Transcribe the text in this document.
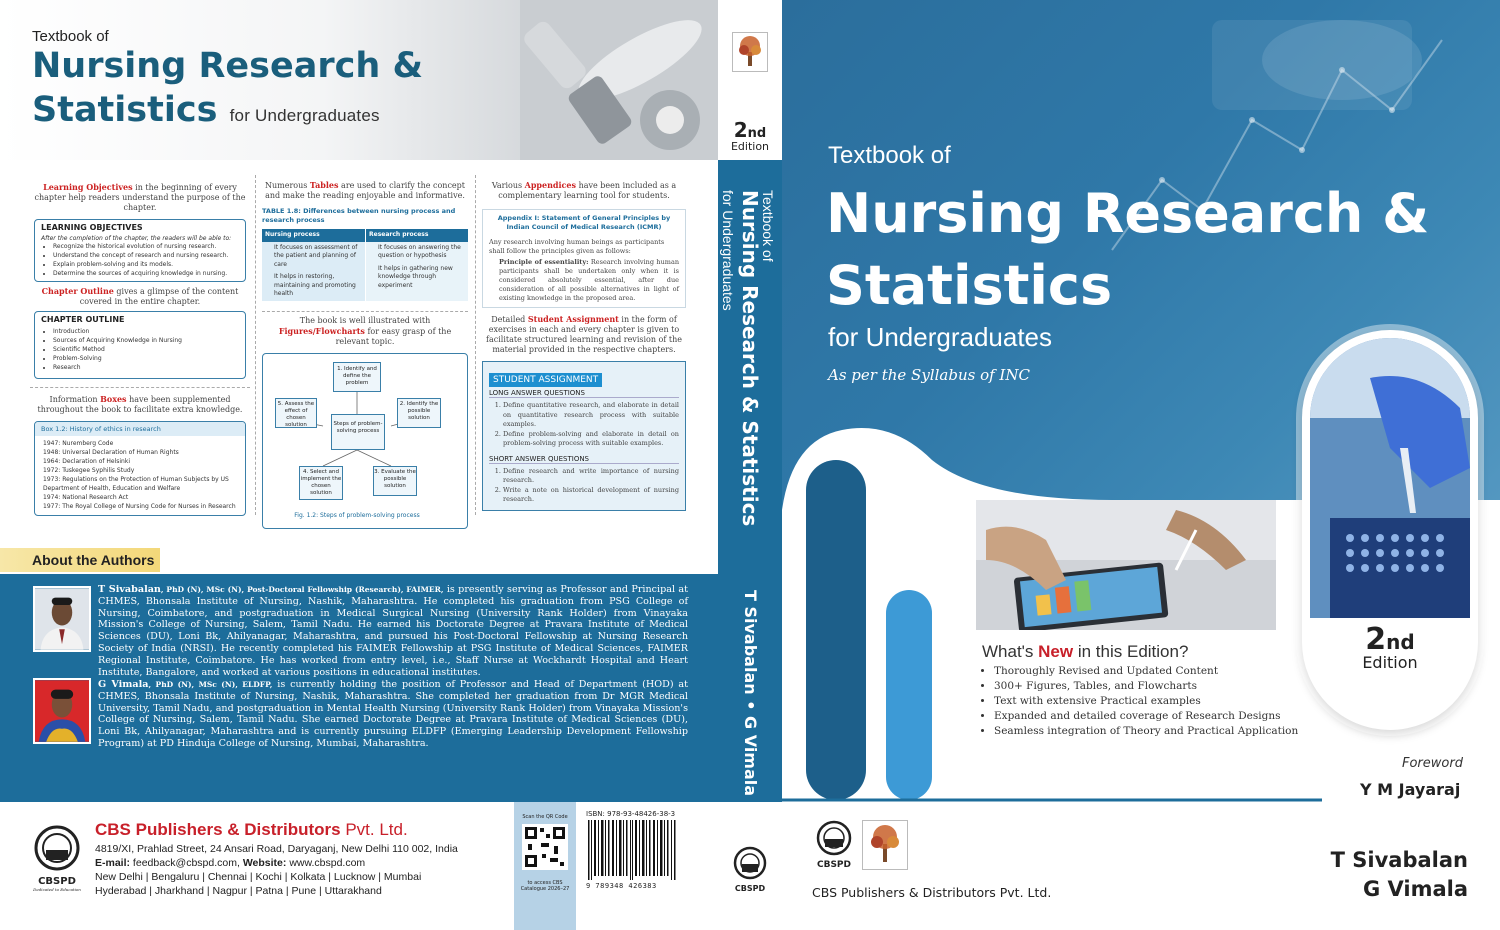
Textbook of
Nursing Research &
Statistics for Undergraduates
Learning Objectives in the beginning of every chapter help readers understand the purpose of the chapter.
LEARNING OBJECTIVES
After the completion of the chapter, the readers will be able to:
• Recognize the historical evolution of nursing research.
• Understand the concept of research and nursing research.
• Explain problem-solving and its models.
• Determine the sources of acquiring knowledge in nursing.
Chapter Outline gives a glimpse of the content covered in the entire chapter.
CHAPTER OUTLINE
• Introduction
• Sources of Acquiring Knowledge in Nursing
• Scientific Method
• Problem-Solving
• Research
Information Boxes have been supplemented throughout the book to facilitate extra knowledge.
Box 1.2: History of ethics in research
1947: Nuremberg Code
1948: Universal Declaration of Human Rights
1964: Declaration of Helsinki
1972: Tuskegee Syphilis Study
1973: Regulations on the Protection of Human Subjects by US Department of Health, Education and Welfare
1974: National Research Act
1977: The Royal College of Nursing Code for Nurses in Research
Numerous Tables are used to clarify the concept and make the reading enjoyable and informative.
TABLE 1.8: Differences between nursing process and research process
Nursing process
It focuses on assessment of the patient and planning of care
It helps in restoring, maintaining and promoting health
Research process
It focuses on answering the question or hypothesis
It helps in gathering new knowledge through experiment
The book is well illustrated with Figures/Flowcharts for easy grasp of the relevant topic.
1. Identify and define the problem
Steps of problem-solving process
5. Assess the effect of chosen solution
2. Identify the possible solution
4. Select and implement the chosen solution
3. Evaluate the possible solution
Fig. 1.2: Steps of problem-solving process
Various Appendices have been included as a complementary learning tool for students.
Appendix I: Statement of General Principles by Indian Council of Medical Research (ICMR)
Any research involving human beings as participants shall follow the principles given as follows:
Principle of essentiality: Research involving human participants shall be undertaken only when it is considered absolutely essential, after due consideration of all possible alternatives in light of existing knowledge in the proposed area.
Detailed Student Assignment in the form of exercises in each and every chapter is given to facilitate structured learning and revision of the material provided in the respective chapters.
STUDENT ASSIGNMENT
LONG ANSWER QUESTIONS
1. Define quantitative research, and elaborate in detail on quantitative research process with suitable examples.
2. Define problem-solving and elaborate in detail on problem-solving process with suitable examples.
SHORT ANSWER QUESTIONS
1. Define research and write importance of nursing research.
2. Write a note on historical development of nursing research.
About the Authors
T Sivabalan, PhD (N), MSc (N), Post-Doctoral Fellowship (Research), FAIMER, is presently serving as Professor and Principal at CHMES, Bhonsala Institute of Nursing, Nashik, Maharashtra. He completed his graduation from PSG College of Nursing, Coimbatore, and postgraduation in Medical Surgical Nursing (University Rank Holder) from Vinayaka Mission's College of Nursing, Salem, Tamil Nadu. He earned his Doctorate Degree at Pravara Institute of Medical Sciences (DU), Loni Bk, Ahilyanagar, Maharashtra, and pursued his Post-Doctoral Fellowship at Nursing Research Society of India (NRSI). He recently completed his FAIMER Fellowship at PSG Institute of Medical Sciences, FAIMER Regional Institute, Coimbatore. He has worked from entry level, i.e., Staff Nurse at Wockhardt Hospital and Heart Institute, Bangalore, and worked at various positions in educational institutes.
G Vimala, PhD (N), MSc (N), ELDFP, is currently holding the position of Professor and Head of Department (HOD) at CHMES, Bhonsala Institute of Nursing, Nashik, Maharashtra. She completed her graduation from Dr MGR Medical University, Tamil Nadu, and postgraduation in Mental Health Nursing (University Rank Holder) from Vinayaka Mission's College of Nursing, Salem, Tamil Nadu. She earned Doctorate Degree at Pravara Institute of Medical Sciences (DU), Loni Bk, Ahilyanagar, Maharashtra and is currently pursuing ELDFP (Emerging Leadership Development Fellowship Program) at PD Hinduja College of Nursing, Mumbai, Maharashtra.
CBSPD
Dedicated to Education
CBS Publishers & Distributors Pvt. Ltd.
4819/XI, Prahlad Street, 24 Ansari Road, Daryaganj, New Delhi 110 002, India
E-mail: feedback@cbspd.com, Website: www.cbspd.com
New Delhi | Bengaluru | Chennai | Kochi | Kolkata | Lucknow | Mumbai
Hyderabad | Jharkhand | Nagpur | Patna | Pune | Uttarakhand
Scan the QR Code
to access CBS Catalogue 2026–27
ISBN: 978-93-48426-38-3
9 789348 426383
2nd
Edition
Textbook of
Nursing Research & Statistics
for Undergraduates
T Sivabalan • G Vimala
CBSPD
Textbook of
Nursing Research &
Statistics
for Undergraduates
As per the Syllabus of INC
What's New in this Edition?
• Thoroughly Revised and Updated Content
• 300+ Figures, Tables, and Flowcharts
• Text with extensive Practical examples
• Expanded and detailed coverage of Research Designs
• Seamless integration of Theory and Practical Application
2nd
Edition
Foreword
Y M Jayaraj
CBSPD
CBS Publishers & Distributors Pvt. Ltd.
T Sivabalan
G Vimala
